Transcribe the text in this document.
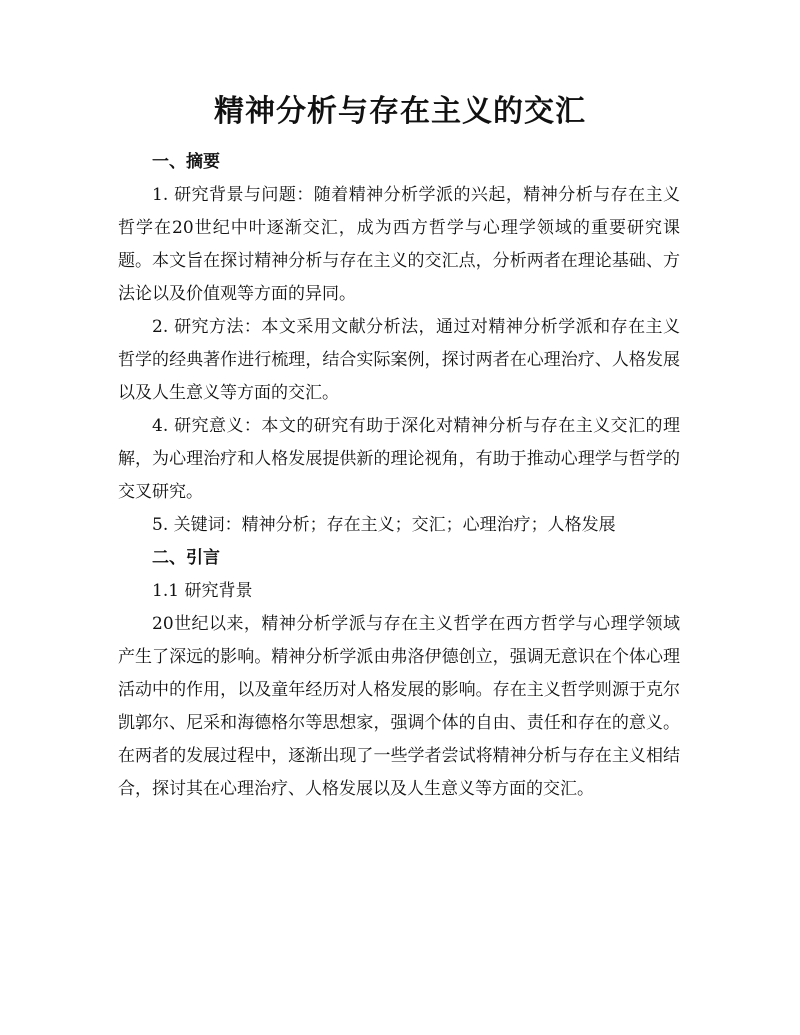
精神分析与存在主义的交汇

一、摘要

1. 研究背景与问题：随着精神分析学派的兴起，精神分析与存在主义哲学在20世纪中叶逐渐交汇，成为西方哲学与心理学领域的重要研究课题。本文旨在探讨精神分析与存在主义的交汇点，分析两者在理论基础、方法论以及价值观等方面的异同。

2. 研究方法：本文采用文献分析法，通过对精神分析学派和存在主义哲学的经典著作进行梳理，结合实际案例，探讨两者在心理治疗、人格发展以及人生意义等方面的交汇。

4. 研究意义：本文的研究有助于深化对精神分析与存在主义交汇的理解，为心理治疗和人格发展提供新的理论视角，有助于推动心理学与哲学的交叉研究。

5. 关键词：精神分析；存在主义；交汇；心理治疗；人格发展

二、引言

1.1 研究背景

20世纪以来，精神分析学派与存在主义哲学在西方哲学与心理学领域产生了深远的影响。精神分析学派由弗洛伊德创立，强调无意识在个体心理活动中的作用，以及童年经历对人格发展的影响。存在主义哲学则源于克尔凯郭尔、尼采和海德格尔等思想家，强调个体的自由、责任和存在的意义。在两者的发展过程中，逐渐出现了一些学者尝试将精神分析与存在主义相结合，探讨其在心理治疗、人格发展以及人生意义等方面的交汇。
